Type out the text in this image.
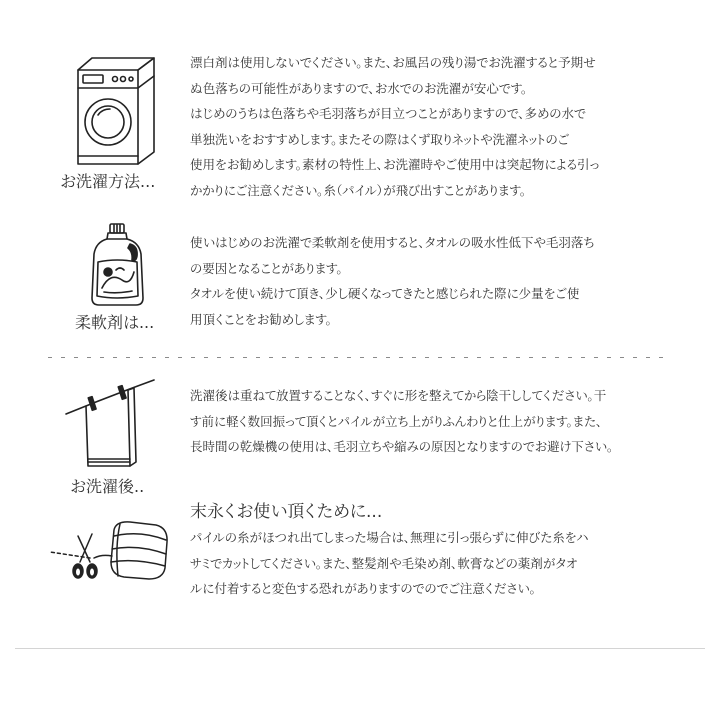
お洗濯方法...
漂白剤は使用しないでください。また、お風呂の残り湯でお洗濯すると予期せ
ぬ色落ちの可能性がありますので、お水でのお洗濯が安心です。
はじめのうちは色落ちや毛羽落ちが目立つことがありますので、多めの水で
単独洗いをおすすめします。またその際はくず取りネットや洗濯ネットのご
使用をお勧めします。素材の特性上、お洗濯時やご使用中は突起物による引っ
かかりにご注意ください。糸（パイル）が飛び出すことがあります。
柔軟剤は...
使いはじめのお洗濯で柔軟剤を使用すると、タオルの吸水性低下や毛羽落ち
の要因となることがあります。
タオルを使い続けて頂き、少し硬くなってきたと感じられた際に少量をご使
用頂くことをお勧めします。
お洗濯後..
洗濯後は重ねて放置することなく、すぐに形を整えてから陰干ししてください。干
す前に軽く数回振って頂くとパイルが立ち上がりふんわりと仕上がります。また、
長時間の乾燥機の使用は、毛羽立ちや縮みの原因となりますのでお避け下さい。
末永くお使い頂くために...
パイルの糸がほつれ出てしまった場合は、無理に引っ張らずに伸びた糸をハ
サミでカットしてください。また、整髪剤や毛染め剤、軟膏などの薬剤がタオ
ルに付着すると変色する恐れがありますのでのでご注意ください。
